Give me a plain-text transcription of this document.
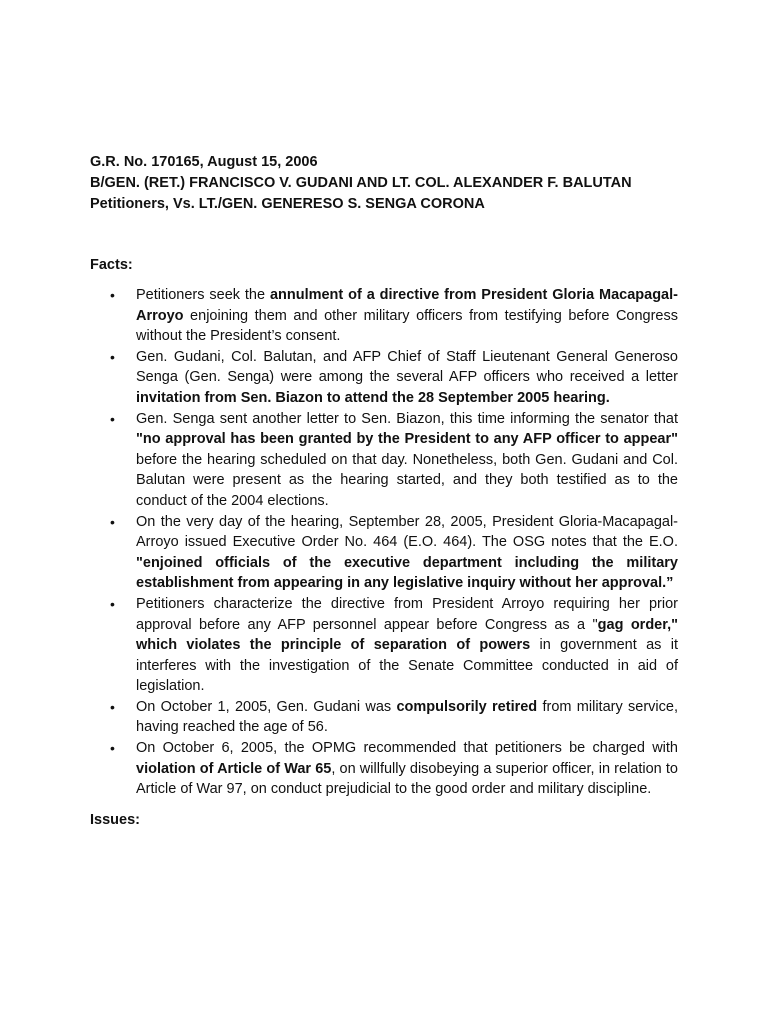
G.R. No. 170165, August 15, 2006
B/GEN. (RET.) FRANCISCO V. GUDANI AND LT. COL. ALEXANDER F. BALUTAN
Petitioners, Vs. LT./GEN. GENERESO S. SENGA CORONA
Facts:
• Petitioners seek the annulment of a directive from President Gloria Macapagal-Arroyo enjoining them and other military officers from testifying before Congress without the President’s consent.
• Gen. Gudani, Col. Balutan, and AFP Chief of Staff Lieutenant General Generoso Senga (Gen. Senga) were among the several AFP officers who received a letter invitation from Sen. Biazon to attend the 28 September 2005 hearing.
• Gen. Senga sent another letter to Sen. Biazon, this time informing the senator that "no approval has been granted by the President to any AFP officer to appear" before the hearing scheduled on that day. Nonetheless, both Gen. Gudani and Col. Balutan were present as the hearing started, and they both testified as to the conduct of the 2004 elections.
• On the very day of the hearing, September 28, 2005, President Gloria-Macapagal-Arroyo issued Executive Order No. 464 (E.O. 464). The OSG notes that the E.O. "enjoined officials of the executive department including the military establishment from appearing in any legislative inquiry without her approval.”
• Petitioners characterize the directive from President Arroyo requiring her prior approval before any AFP personnel appear before Congress as a "gag order," which violates the principle of separation of powers in government as it interferes with the investigation of the Senate Committee conducted in aid of legislation.
• On October 1, 2005, Gen. Gudani was compulsorily retired from military service, having reached the age of 56.
• On October 6, 2005, the OPMG recommended that petitioners be charged with violation of Article of War 65, on willfully disobeying a superior officer, in relation to Article of War 97, on conduct prejudicial to the good order and military discipline.
Issues:
